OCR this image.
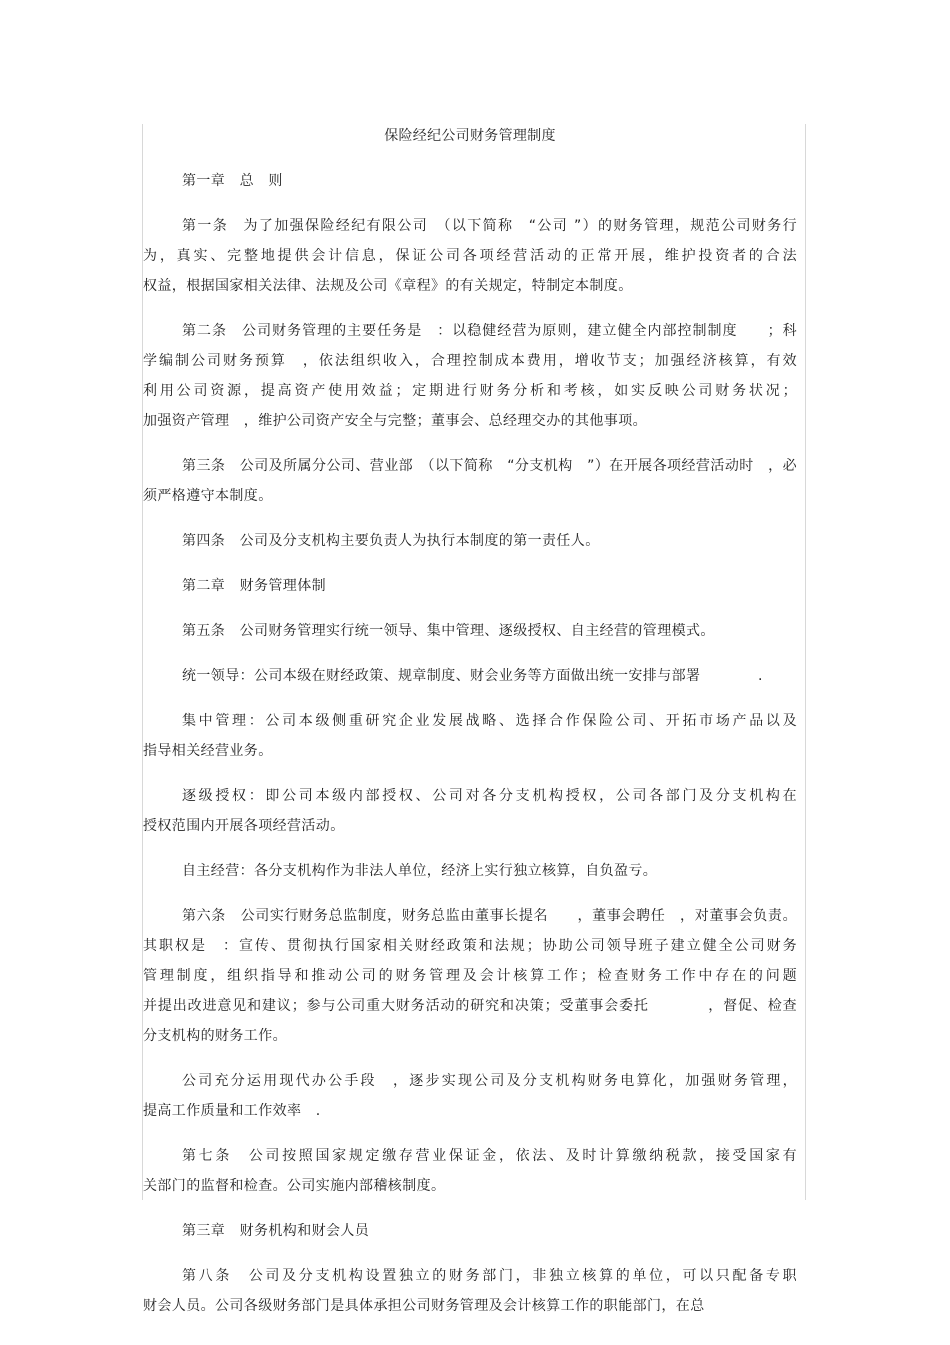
保险经纪公司财务管理制度
第一章　总　则
第一条　为了加强保险经纪有限公司　（以下简称　“公司 ”）的财务管理，规范公司财务行
为，真实、完整地提供会计信息，保证公司各项经营活动的正常开展，维护投资者的合法
权益，根据国家相关法律、法规及公司《章程》的有关规定，特制定本制度。
第二条　公司财务管理的主要任务是　：以稳健经营为原则，建立健全内部控制制度　　；科
学编制公司财务预算　，依法组织收入，合理控制成本费用，增收节支；加强经济核算，有效
利用公司资源，提高资产使用效益；定期进行财务分析和考核，如实反映公司财务状况；
加强资产管理　，维护公司资产安全与完整；董事会、总经理交办的其他事项。
第三条　公司及所属分公司、营业部　（以下简称　“分支机构　”）在开展各项经营活动时　，必
须严格遵守本制度。
第四条　公司及分支机构主要负责人为执行本制度的第一责任人。
第二章　财务管理体制
第五条　公司财务管理实行统一领导、集中管理、逐级授权、自主经营的管理模式。
统一领导：公司本级在财经政策、规章制度、财会业务等方面做出统一安排与部署　　　　.
集中管理：公司本级侧重研究企业发展战略、选择合作保险公司、开拓市场产品以及
指导相关经营业务。
逐级授权：即公司本级内部授权、公司对各分支机构授权，公司各部门及分支机构在
授权范围内开展各项经营活动。
自主经营：各分支机构作为非法人单位，经济上实行独立核算，自负盈亏。
第六条　公司实行财务总监制度，财务总监由董事长提名　　，董事会聘任　，对董事会负责。
其职权是　：宣传、贯彻执行国家相关财经政策和法规；协助公司领导班子建立健全公司财务
管理制度，组织指导和推动公司的财务管理及会计核算工作；检查财务工作中存在的问题
并提出改进意见和建议；参与公司重大财务活动的研究和决策；受董事会委托　　　　，督促、检查
分支机构的财务工作。
公司充分运用现代办公手段　，逐步实现公司及分支机构财务电算化，加强财务管理，
提高工作质量和工作效率　.
第七条　公司按照国家规定缴存营业保证金，依法、及时计算缴纳税款，接受国家有
关部门的监督和检查。公司实施内部稽核制度。
第三章　财务机构和财会人员
第八条　公司及分支机构设置独立的财务部门，非独立核算的单位，可以只配备专职
财会人员。公司各级财务部门是具体承担公司财务管理及会计核算工作的职能部门，在总
